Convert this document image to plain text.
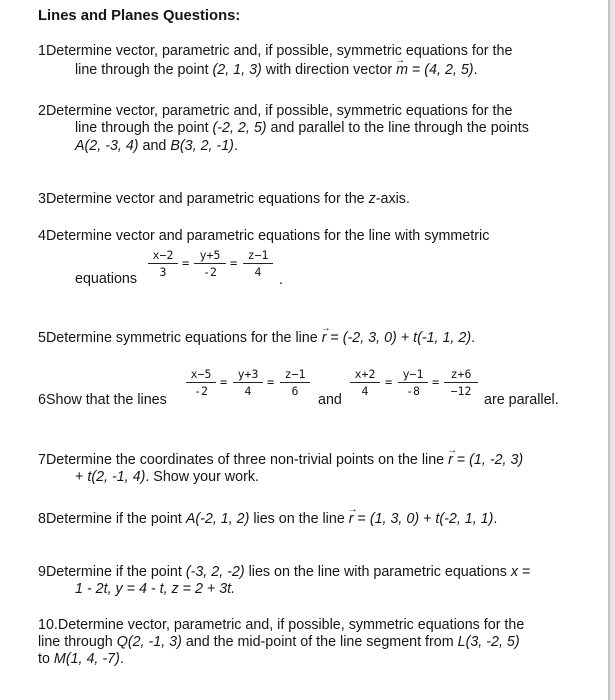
Lines and Planes Questions:
1Determine vector, parametric and, if possible, symmetric equations for the
line through the point (2, 1, 3) with direction vector m → = (4, 2, 5).
2Determine vector, parametric and, if possible, symmetric equations for the
line through the point (-2, 2, 5) and parallel to the line through the points
A(2, -3, 4) and B(3, 2, -1).
3Determine vector and parametric equations for the z-axis.
4Determine vector and parametric equations for the line with symmetric
equations $\frac{x-2}{3} = \frac{y+5}{-2} = \frac{z-1}{4}$
.
5Determine symmetric equations for the line r → = (-2, 3, 0) + t(-1, 1, 2).
6Show that the lines
$\frac{x-5}{-2} = \frac{y+3}{4} = \frac{z-1}{6}$
and
$\frac{x+2}{4} = \frac{y-1}{-8} = \frac{z+6}{-12}$
are parallel.
7Determine the coordinates of three non-trivial points on the line r → = (1, -2, 3)
+ t(2, -1, 4). Show your work.
8Determine if the point A(-2, 1, 2) lies on the line r → = (1, 3, 0) + t(-2, 1, 1).
9Determine if the point (-3, 2, -2) lies on the line with parametric equations x =
1 - 2t, y = 4 - t, z = 2 + 3t.
10.Determine vector, parametric and, if possible, symmetric equations for the
line through Q(2, -1, 3) and the mid-point of the line segment from L(3, -2, 5)
to M(1, 4, -7).
